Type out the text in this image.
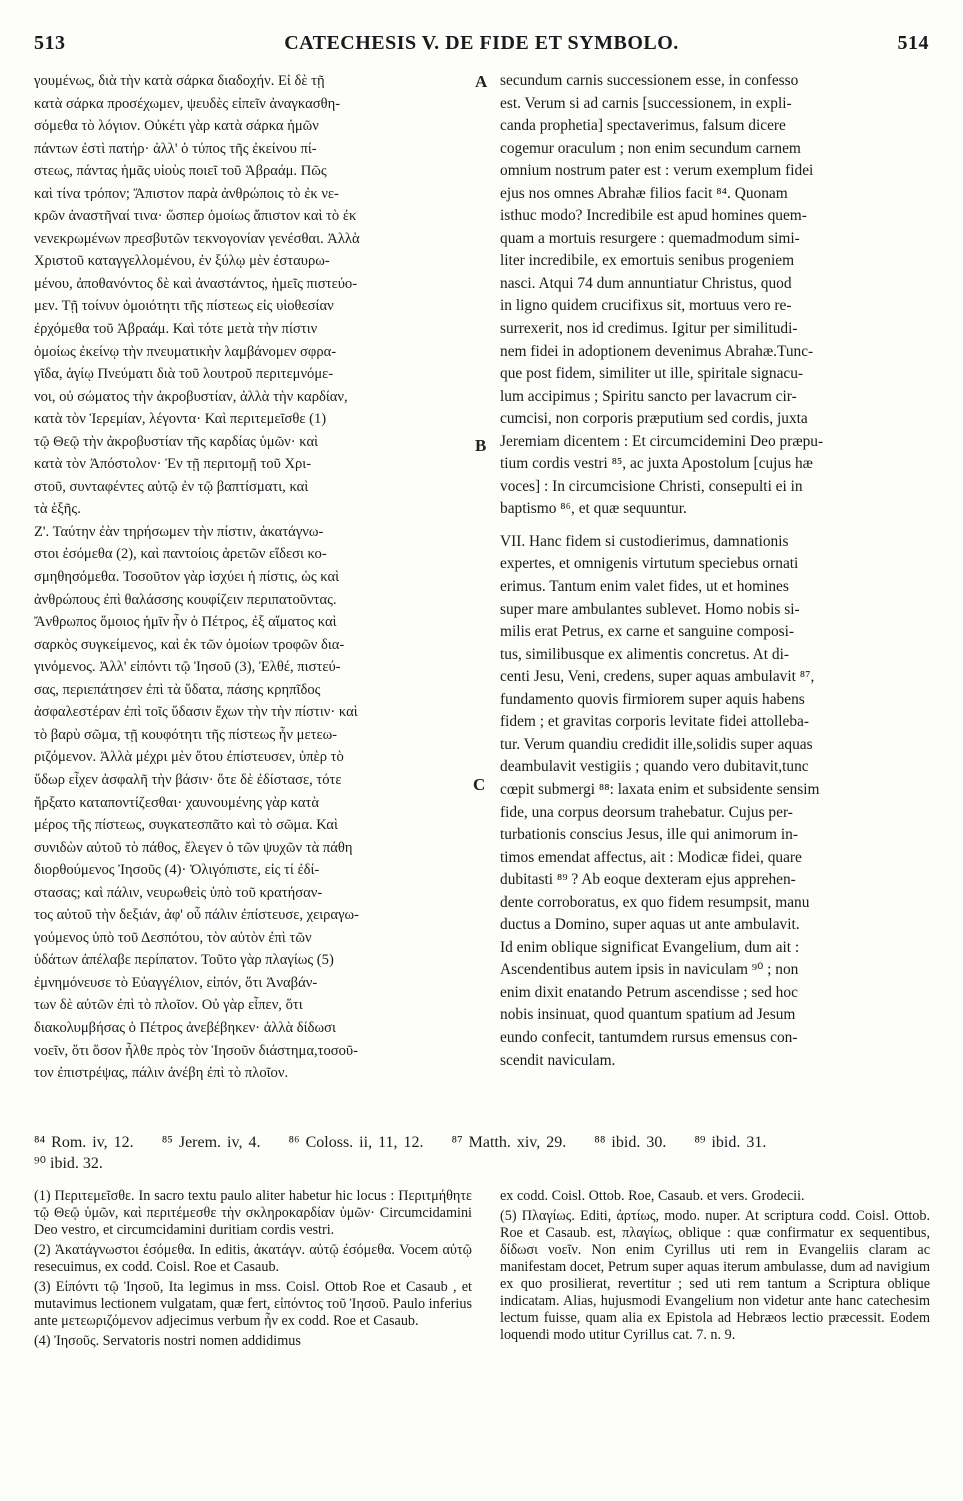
513	CATECHESIS V. DE FIDE ET SYMBOLO.	514

γουμένως, διὰ τὴν κατὰ σάρκα διαδοχήν. Εἰ δὲ τῇ
κατὰ σάρκα προσέχωμεν, ψευδὲς εἰπεῖν ἀναγκασθη-
σόμεθα τὸ λόγιον. Οὐκέτι γὰρ κατὰ σάρκα ἡμῶν
πάντων ἐστὶ πατήρ· ἀλλ' ὁ τύπος τῆς ἐκείνου πί-
στεως, πάντας ἡμᾶς υἱοὺς ποιεῖ τοῦ Ἀβραάμ. Πῶς
καὶ τίνα τρόπον; Ἄπιστον παρὰ ἀνθρώποις τὸ ἐκ νε-
κρῶν ἀναστῆναί τινα· ὥσπερ ὁμοίως ἄπιστον καὶ τὸ ἐκ
νενεκρωμένων πρεσβυτῶν τεκνογονίαν γενέσθαι. Ἀλλὰ
Χριστοῦ καταγγελλομένου, ἐν ξύλῳ μὲν ἐσταυρω-
μένου, ἀποθανόντος δὲ καὶ ἀναστάντος, ἡμεῖς πιστεύο-
μεν. Τῇ τοίνυν ὁμοιότητι τῆς πίστεως εἰς υἱοθεσίαν
ἐρχόμεθα τοῦ Ἀβραάμ. Καὶ τότε μετὰ τὴν πίστιν
ὁμοίως ἐκείνῳ τὴν πνευματικὴν λαμβάνομεν σφρα-
γῖδα, ἁγίῳ Πνεύματι διὰ τοῦ λουτροῦ περιτεμνόμε-
νοι, οὐ σώματος τὴν ἀκροβυστίαν, ἀλλὰ τὴν καρδίαν,
κατὰ τὸν Ἱερεμίαν, λέγοντα· Καὶ περιτεμεῖσθε (1)
τῷ Θεῷ τὴν ἀκροβυστίαν τῆς καρδίας ὑμῶν· καὶ
κατὰ τὸν Ἀπόστολον· Ἐν τῇ περιτομῇ τοῦ Χρι-
στοῦ, συνταφέντες αὐτῷ ἐν τῷ βαπτίσματι, καὶ
τὰ ἑξῆς.

Ζ'. Ταύτην ἐὰν τηρήσωμεν τὴν πίστιν, ἀκατάγνω-
στοι ἐσόμεθα (2), καὶ παντοίοις ἀρετῶν εἴδεσι κο-
σμηθησόμεθα. Τοσοῦτον γὰρ ἰσχύει ἡ πίστις, ὡς καὶ
ἀνθρώπους ἐπὶ θαλάσσης κουφίζειν περιπατοῦντας.
Ἄνθρωπος ὅμοιος ἡμῖν ἦν ὁ Πέτρος, ἐξ αἵματος καὶ
σαρκὸς συγκείμενος, καὶ ἐκ τῶν ὁμοίων τροφῶν δια-
γινόμενος. Ἀλλ' εἰπόντι τῷ Ἰησοῦ (3), Ἐλθέ, πιστεύ-
σας, περιεπάτησεν ἐπὶ τὰ ὕδατα, πάσης κρηπῖδος
ἀσφαλεστέραν ἐπὶ τοῖς ὕδασιν ἔχων τὴν τὴν πίστιν· καὶ
τὸ βαρὺ σῶμα, τῇ κουφότητι τῆς πίστεως ἦν μετεω-
ριζόμενον. Ἀλλὰ μέχρι μὲν ὅτου ἐπίστευσεν, ὑπὲρ τὸ
ὕδωρ εἶχεν ἀσφαλῆ τὴν βάσιν· ὅτε δὲ ἐδίστασε, τότε
ἤρξατο καταποντίζεσθαι· χαυνουμένης γὰρ κατὰ
μέρος τῆς πίστεως, συγκατεσπᾶτο καὶ τὸ σῶμα. Καὶ
συνιδὼν αὐτοῦ τὸ πάθος, ἔλεγεν ὁ τῶν ψυχῶν τὰ πάθη
διορθούμενος Ἰησοῦς (4)· Ὀλιγόπιστε, εἰς τί ἐδί-
στασας; καὶ πάλιν, νευρωθεὶς ὑπὸ τοῦ κρατήσαν-
τος αὐτοῦ τὴν δεξιάν, ἀφ' οὗ πάλιν ἐπίστευσε, χειραγω-
γούμενος ὑπὸ τοῦ Δεσπότου, τὸν αὐτὸν ἐπὶ τῶν
ὑδάτων ἀπέλαβε περίπατον. Τοῦτο γὰρ πλαγίως (5)
ἐμνημόνευσε τὸ Εὐαγγέλιον, εἰπόν, ὅτι Ἀναβάν-
των δὲ αὐτῶν ἐπὶ τὸ πλοῖον. Οὐ γὰρ εἶπεν, ὅτι
διακολυμβήσας ὁ Πέτρος ἀνεβέβηκεν· ἀλλὰ δίδωσι
νοεῖν, ὅτι ὅσον ἦλθε πρὸς τὸν Ἰησοῦν διάστημα,τοσοῦ-
τον ἐπιστρέψας, πάλιν ἀνέβη ἐπὶ τὸ πλοῖον.

A
B
C

secundum carnis successionem esse, in confesso
est. Verum si ad carnis [successionem, in expli-
canda prophetia] spectaverimus, falsum dicere
cogemur oraculum ; non enim secundum carnem
omnium nostrum pater est : verum exemplum fidei
ejus nos omnes Abrahæ filios facit ⁸⁴. Quonam
isthuc modo? Incredibile est apud homines quem-
quam a mortuis resurgere : quemadmodum simi-
liter incredibile, ex emortuis senibus progeniem
nasci. Atqui 74 dum annuntiatur Christus, quod
in ligno quidem crucifixus sit, mortuus vero re-
surrexerit, nos id credimus. Igitur per similitudi-
nem fidei in adoptionem devenimus Abrahæ.Tunc-
que post fidem, similiter ut ille, spiritale signacu-
lum accipimus ; Spiritu sancto per lavacrum cir-
cumcisi, non corporis præputium sed cordis, juxta
Jeremiam dicentem : Et circumcidemini Deo præpu-
tium cordis vestri ⁸⁵, ac juxta Apostolum [cujus hæ
voces] : In circumcisione Christi, consepulti ei in
baptismo ⁸⁶, et quæ sequuntur.

VII. Hanc fidem si custodierimus, damnationis
expertes, et omnigenis virtutum speciebus ornati
erimus. Tantum enim valet fides, ut et homines
super mare ambulantes sublevet. Homo nobis si-
milis erat Petrus, ex carne et sanguine composi-
tus, similibusque ex alimentis concretus. At di-
centi Jesu, Veni, credens, super aquas ambulavit ⁸⁷,
fundamento quovis firmiorem super aquis habens
fidem ; et gravitas corporis levitate fidei attolleba-
tur. Verum quandiu credidit ille,solidis super aquas
deambulavit vestigiis ; quando vero dubitavit,tunc
cœpit submergi ⁸⁸: laxata enim et subsidente sensim
fide, una corpus deorsum trahebatur. Cujus per-
turbationis conscius Jesus, ille qui animorum in-
timos emendat affectus, ait : Modicæ fidei, quare
dubitasti ⁸⁹ ? Ab eoque dexteram ejus apprehen-
dente corroboratus, ex quo fidem resumpsit, manu
ductus a Domino, super aquas ut ante ambulavit.
Id enim oblique significat Evangelium, dum ait :
Ascendentibus autem ipsis in naviculam ⁹⁰ ; non
enim dixit enatando Petrum ascendisse ; sed hoc
nobis insinuat, quod quantum spatium ad Jesum
eundo confecit, tantumdem rursus emensus con-
scendit naviculam.

⁸⁴ Rom. iv, 12. ⁸⁵ Jerem. iv, 4. ⁸⁶ Coloss. ii, 11, 12. ⁸⁷ Matth. xiv, 29. ⁸⁸ ibid. 30. ⁸⁹ ibid. 31.
⁹⁰ ibid. 32.

(1) Περιτεμεῖσθε. In sacro textu paulo aliter habetur hic locus : Περιτμήθητε τῷ Θεῷ ὑμῶν, καὶ περιτέμεσθε τὴν σκληροκαρδίαν ὑμῶν· Circumcidamini Deo vestro, et circumcidamini duritiam cordis vestri.

(2) Ἀκατάγνωστοι ἐσόμεθα. In editis, ἀκατάγν. αὐτῷ ἐσόμεθα. Vocem αὐτῷ resecuimus, ex codd. Coisl. Roe et Casaub.

(3) Εἰπόντι τῷ Ἰησοῦ, Ita legimus in mss. Coisl. Ottob Roe et Casaub , et mutavimus lectionem vulgatam, quæ fert, εἰπόντος τοῦ Ἰησοῦ. Paulo inferius ante μετεωριζόμενον adjecimus verbum ἦν ex codd. Roe et Casaub.

(4) Ἰησοῦς. Servatoris nostri nomen addidimus

ex codd. Coisl. Ottob. Roe, Casaub. et vers. Grodecii.

(5) Πλαγίως. Editi, ἀρτίως, modo. nuper. At scriptura codd. Coisl. Ottob. Roe et Casaub. est, πλαγίως, oblique : quæ confirmatur ex sequentibus, δίδωσι νοεῖν. Non enim Cyrillus uti rem in Evangeliis claram ac manifestam docet, Petrum super aquas iterum ambulasse, dum ad navigium ex quo prosilierat, revertitur ; sed uti rem tantum a Scriptura oblique indicatam. Alias, hujusmodi Evangelium non videtur ante hanc catechesim lectum fuisse, quam alia ex Epistola ad Hebræos lectio præcessit. Eodem loquendi modo utitur Cyrillus cat. 7. n. 9.
